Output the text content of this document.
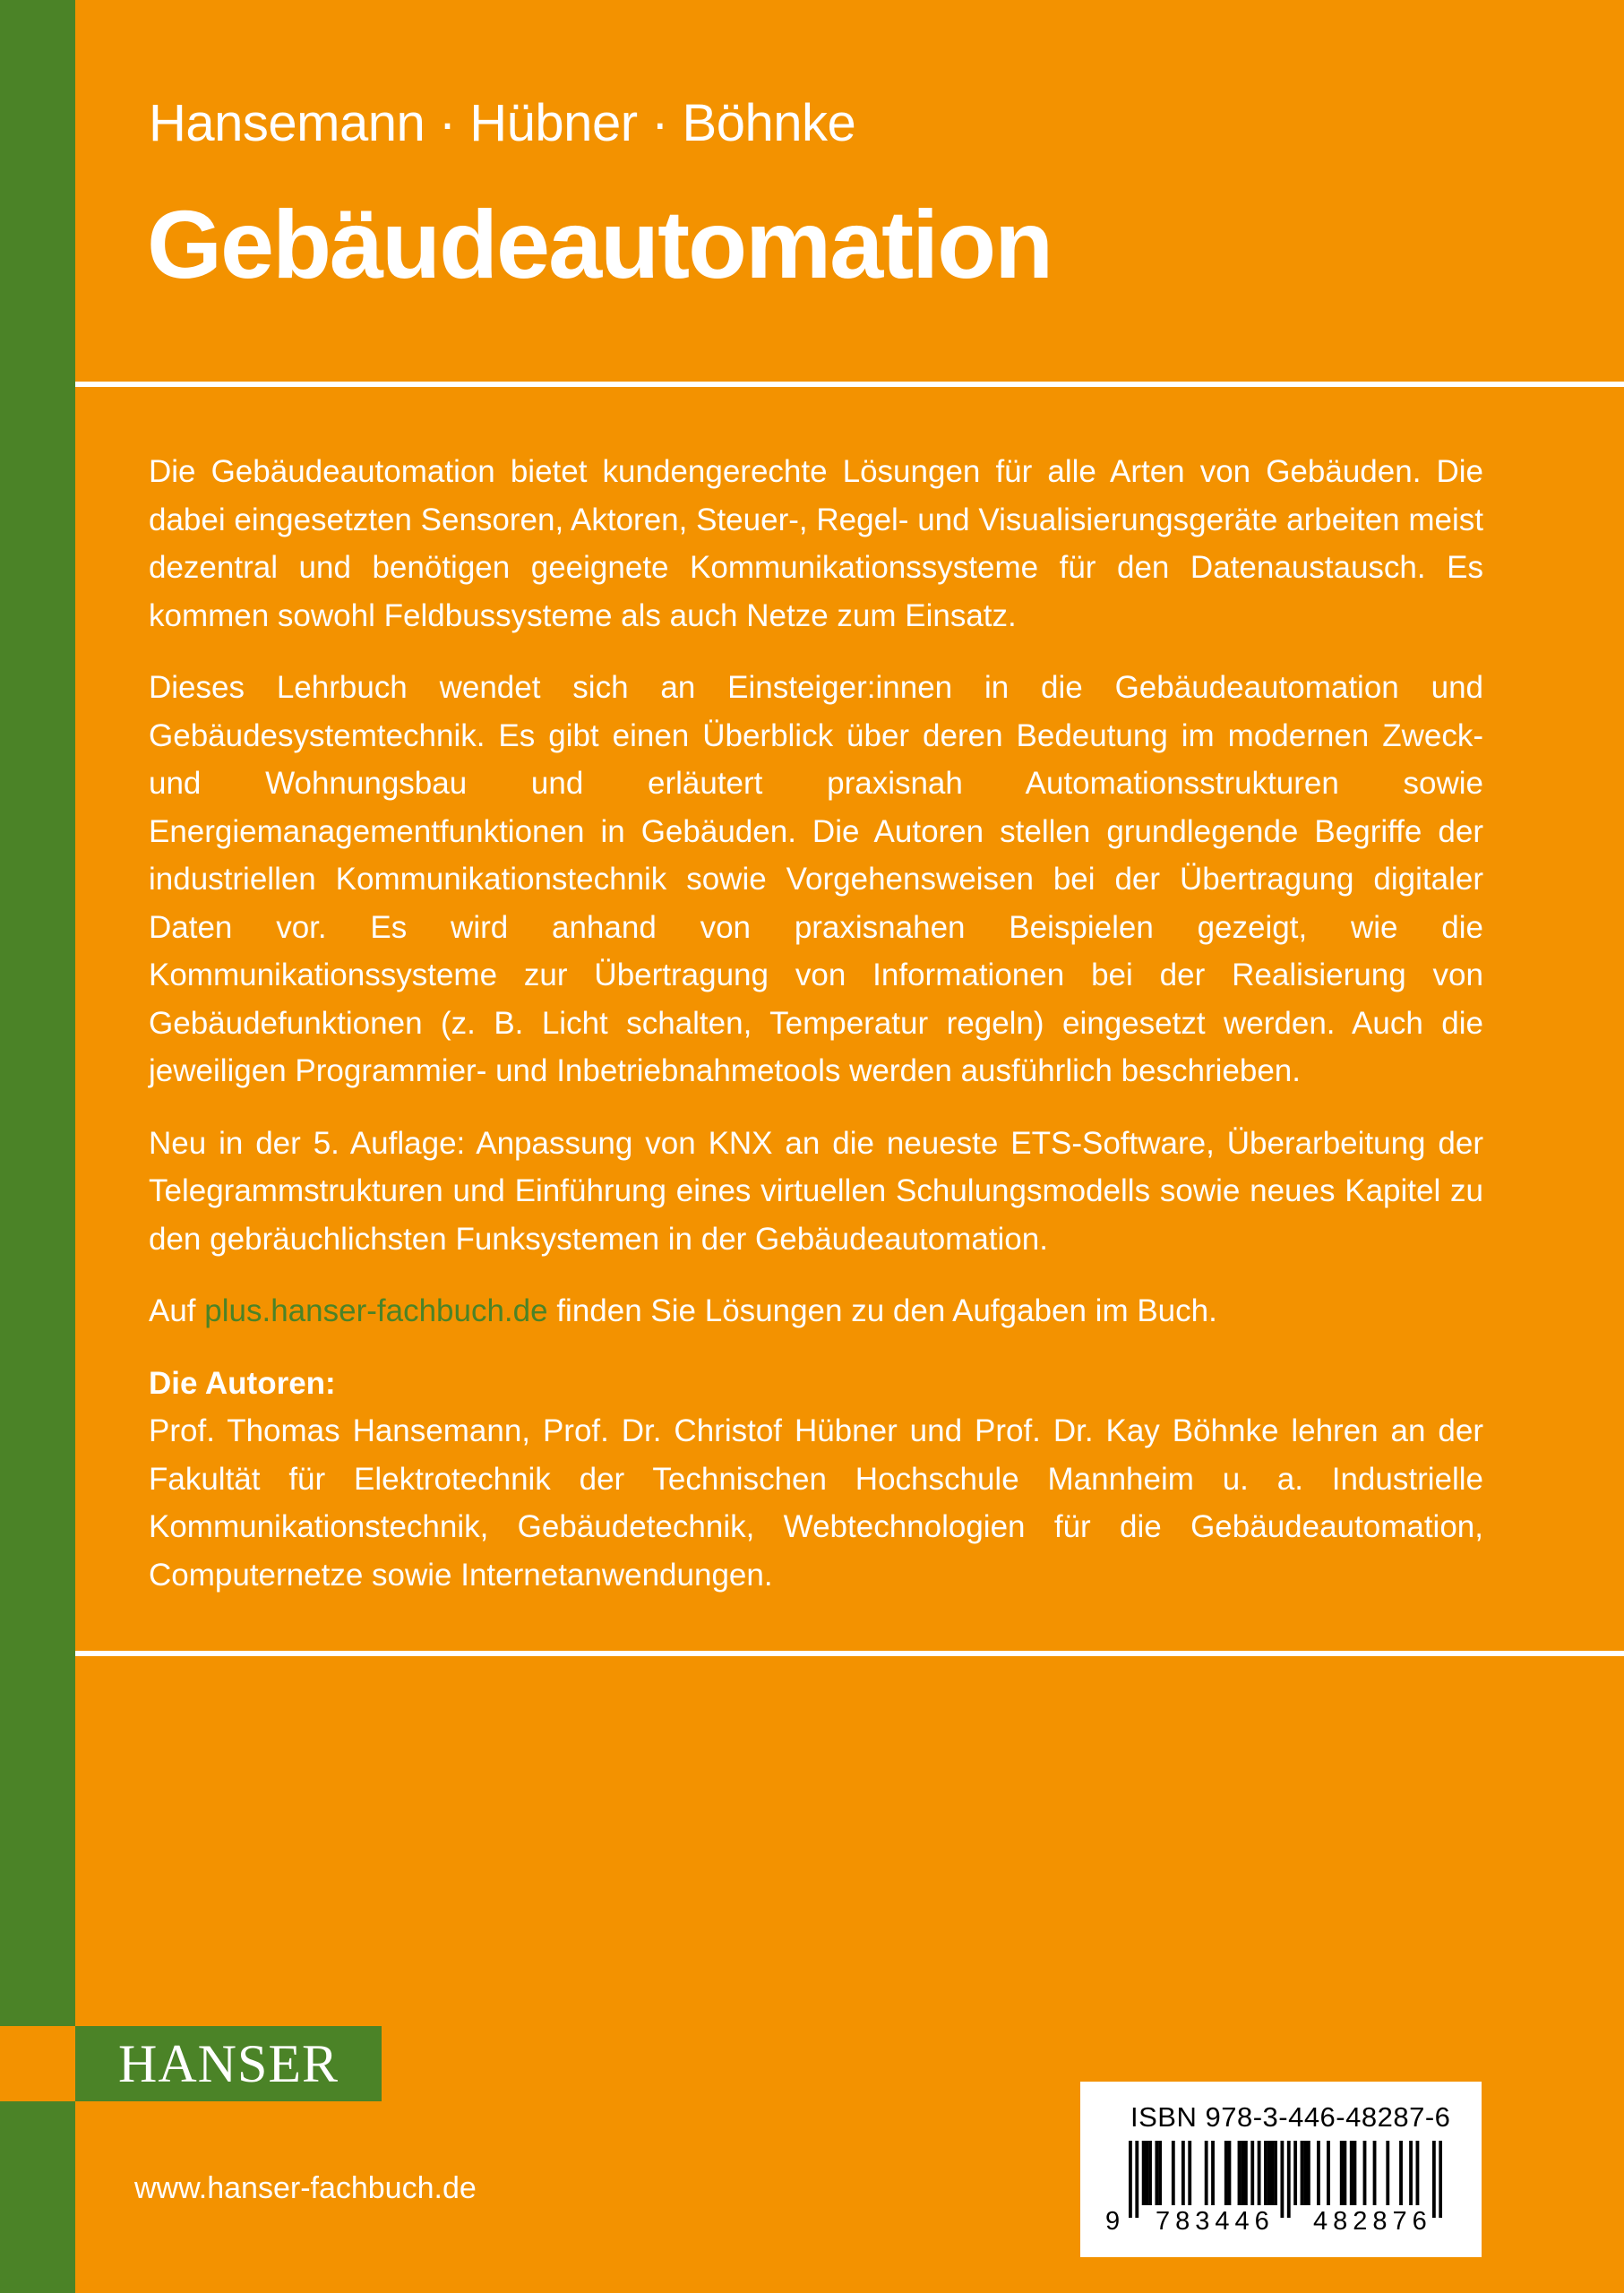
Hansemann · Hübner · Böhnke
Gebäudeautomation

Die Gebäudeautomation bietet kundengerechte Lösungen für alle Arten von Gebäuden. Die dabei eingesetzten Sensoren, Aktoren, Steuer-, Regel- und Visualisierungsgeräte arbeiten meist dezentral und benötigen geeignete Kommunikationssysteme für den Datenaustausch. Es kommen sowohl Feldbussysteme als auch Netze zum Einsatz.

Dieses Lehrbuch wendet sich an Einsteiger:innen in die Gebäudeautomation und Gebäudesystemtechnik. Es gibt einen Überblick über deren Bedeutung im modernen Zweck- und Wohnungsbau und erläutert praxisnah Automationsstrukturen sowie Energiemanagementfunktionen in Gebäuden. Die Autoren stellen grundlegende Begriffe der industriellen Kommunikationstechnik sowie Vorgehensweisen bei der Übertragung digitaler Daten vor. Es wird anhand von praxisnahen Beispielen gezeigt, wie die Kommunikationssysteme zur Übertragung von Informationen bei der Realisierung von Gebäudefunktionen (z. B. Licht schalten, Temperatur regeln) eingesetzt werden. Auch die jeweiligen Programmier- und Inbetriebnahmetools werden ausführlich beschrieben.

Neu in der 5. Auflage: Anpassung von KNX an die neueste ETS-Software, Überarbeitung der Telegrammstrukturen und Einführung eines virtuellen Schulungsmodells sowie neues Kapitel zu den gebräuchlichsten Funksystemen in der Gebäudeautomation.

Auf plus.hanser-fachbuch.de finden Sie Lösungen zu den Aufgaben im Buch.

Die Autoren:
Prof. Thomas Hansemann, Prof. Dr. Christof Hübner und Prof. Dr. Kay Böhnke lehren an der Fakultät für Elektrotechnik der Technischen Hochschule Mannheim u. a. Industrielle Kommunikationstechnik, Gebäudetechnik, Webtechnologien für die Gebäudeautomation, Computernetze sowie Internetanwendungen.

HANSER
www.hanser-fachbuch.de
ISBN 978-3-446-48287-6
9 783446 482876
